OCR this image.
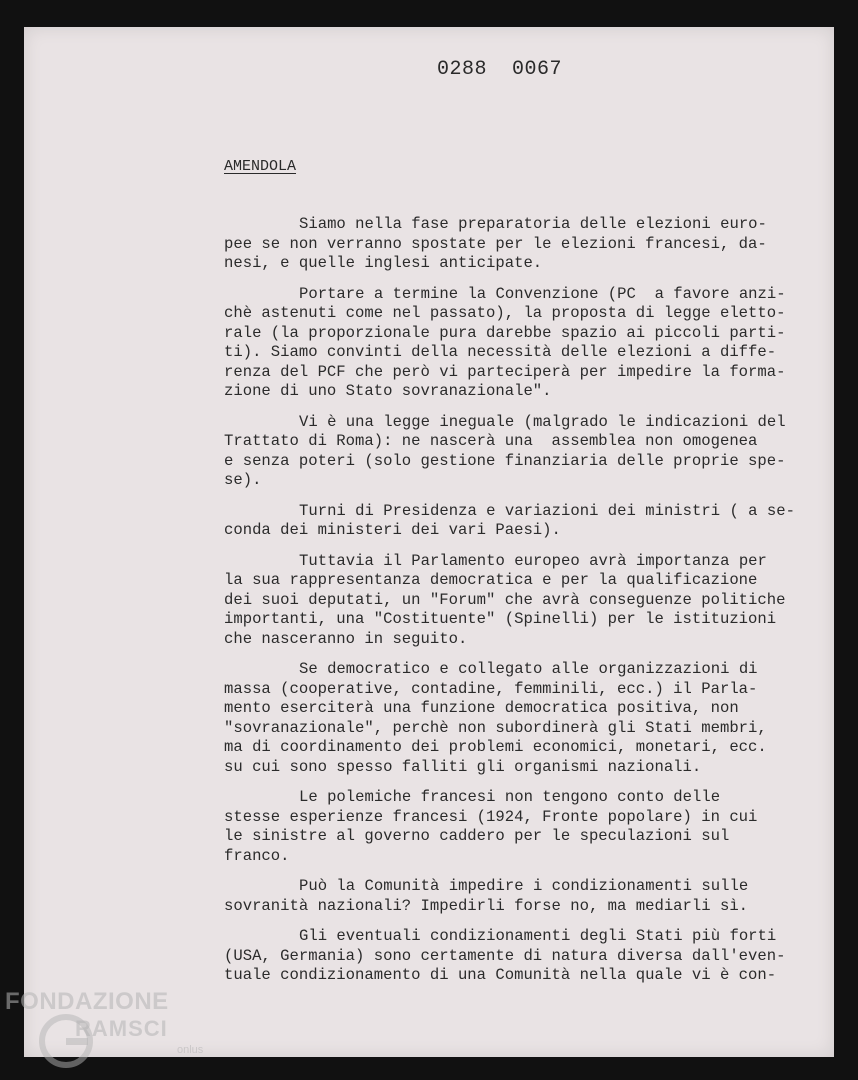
0288  0067
AMENDOLA
Siamo nella fase preparatoria delle elezioni euro-
pee se non verranno spostate per le elezioni francesi, da-
nesi, e quelle inglesi anticipate.
Portare a termine la Convenzione (PC  a favore anzi-
chè astenuti come nel passato), la proposta di legge eletto-
rale (la proporzionale pura darebbe spazio ai piccoli parti-
ti). Siamo convinti della necessità delle elezioni a diffe-
renza del PCF che però vi parteciperà per impedire la forma-
zione di uno Stato sovranazionale".
Vi è una legge ineguale (malgrado le indicazioni del
Trattato di Roma): ne nascerà una  assemblea non omogenea
e senza poteri (solo gestione finanziaria delle proprie spe-
se).
Turni di Presidenza e variazioni dei ministri ( a se-
conda dei ministeri dei vari Paesi).
Tuttavia il Parlamento europeo avrà importanza per
la sua rappresentanza democratica e per la qualificazione
dei suoi deputati, un "Forum" che avrà conseguenze politiche
importanti, una "Costituente" (Spinelli) per le istituzioni
che nasceranno in seguito.
Se democratico e collegato alle organizzazioni di
massa (cooperative, contadine, femminili, ecc.) il Parla-
mento eserciterà una funzione democratica positiva, non
"sovranazionale", perchè non subordinerà gli Stati membri,
ma di coordinamento dei problemi economici, monetari, ecc.
su cui sono spesso falliti gli organismi nazionali.
Le polemiche francesi non tengono conto delle
stesse esperienze francesi (1924, Fronte popolare) in cui
le sinistre al governo caddero per le speculazioni sul
franco.
Può la Comunità impedire i condizionamenti sulle
sovranità nazionali? Impedirli forse no, ma mediarli sì.
Gli eventuali condizionamenti degli Stati più forti
(USA, Germania) sono certamente di natura diversa dall'even-
tuale condizionamento di una Comunità nella quale vi è con-
FONDAZIONE
RAMSCI
onlus
